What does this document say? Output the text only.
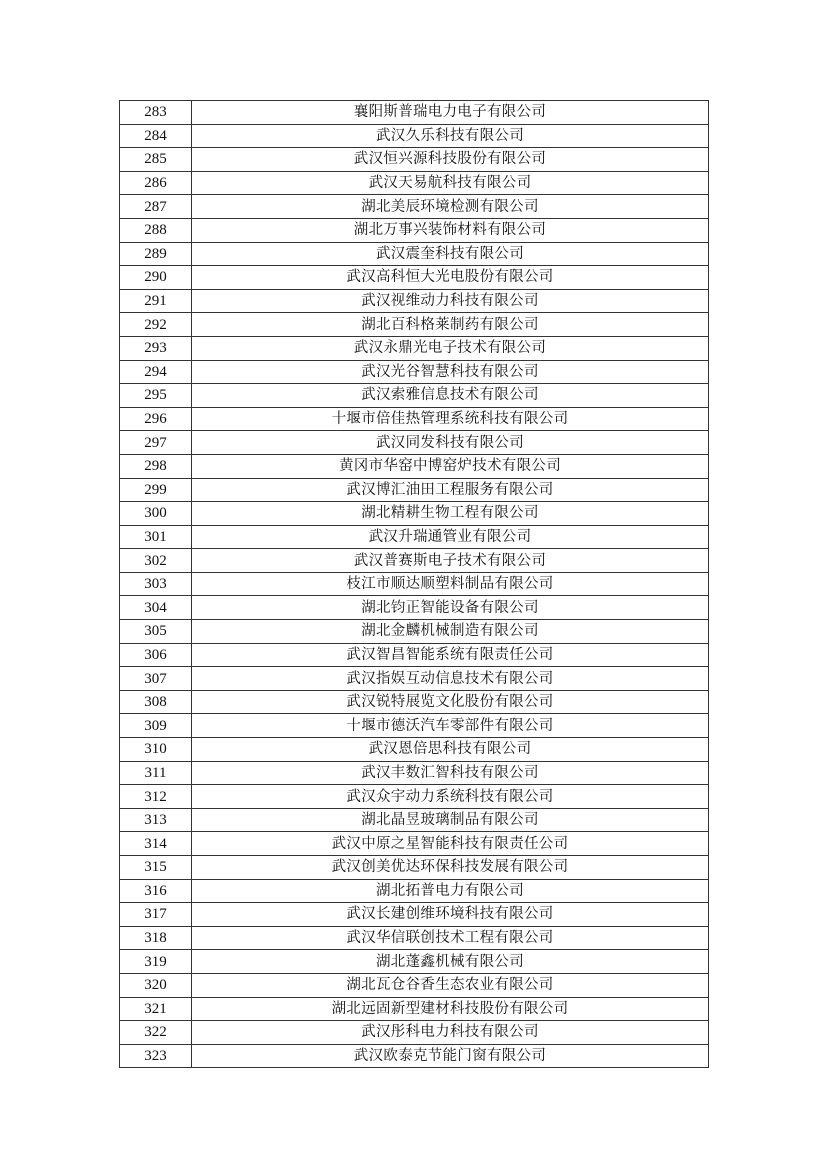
283	襄阳斯普瑞电力电子有限公司
284	武汉久乐科技有限公司
285	武汉恒兴源科技股份有限公司
286	武汉天易航科技有限公司
287	湖北美辰环境检测有限公司
288	湖北万事兴装饰材料有限公司
289	武汉震奎科技有限公司
290	武汉高科恒大光电股份有限公司
291	武汉视维动力科技有限公司
292	湖北百科格莱制药有限公司
293	武汉永鼎光电子技术有限公司
294	武汉光谷智慧科技有限公司
295	武汉索雅信息技术有限公司
296	十堰市倍佳热管理系统科技有限公司
297	武汉同发科技有限公司
298	黄冈市华窑中博窑炉技术有限公司
299	武汉博汇油田工程服务有限公司
300	湖北精耕生物工程有限公司
301	武汉升瑞通管业有限公司
302	武汉普赛斯电子技术有限公司
303	枝江市顺达顺塑料制品有限公司
304	湖北钧正智能设备有限公司
305	湖北金麟机械制造有限公司
306	武汉智昌智能系统有限责任公司
307	武汉指娱互动信息技术有限公司
308	武汉锐特展览文化股份有限公司
309	十堰市德沃汽车零部件有限公司
310	武汉恩倍思科技有限公司
311	武汉丰数汇智科技有限公司
312	武汉众宇动力系统科技有限公司
313	湖北晶昱玻璃制品有限公司
314	武汉中原之星智能科技有限责任公司
315	武汉创美优达环保科技发展有限公司
316	湖北拓普电力有限公司
317	武汉长建创维环境科技有限公司
318	武汉华信联创技术工程有限公司
319	湖北蓬鑫机械有限公司
320	湖北瓦仓谷香生态农业有限公司
321	湖北远固新型建材科技股份有限公司
322	武汉彤科电力科技有限公司
323	武汉欧泰克节能门窗有限公司
